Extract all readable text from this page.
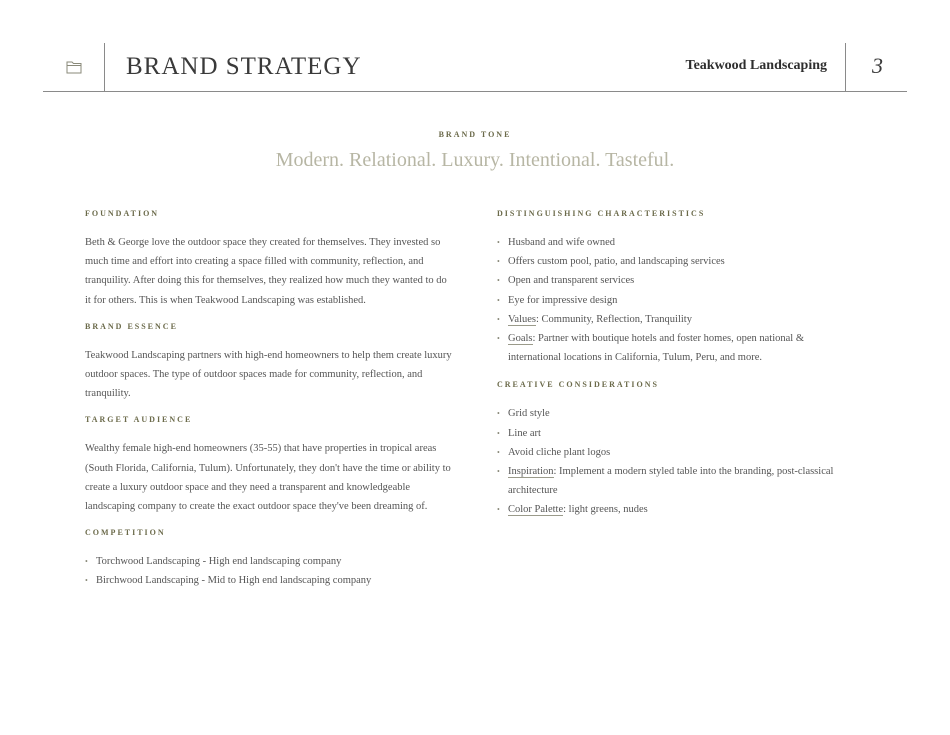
BRAND STRATEGY	Teakwood Landscaping 3
BRAND TONE
Modern. Relational. Luxury. Intentional. Tasteful.
FOUNDATION

Beth & George love the outdoor space they created for themselves. They invested so much time and effort into creating a space filled with community, reflection, and tranquility. After doing this for themselves, they realized how much they wanted to do it for others. This is when Teakwood Landscaping was established.

BRAND ESSENCE

Teakwood Landscaping partners with high-end homeowners to help them create luxury outdoor spaces. The type of outdoor spaces made for community, reflection, and tranquility.

TARGET AUDIENCE

Wealthy female high-end homeowners (35-55) that have properties in tropical areas (South Florida, California, Tulum). Unfortunately, they don't have the time or ability to create a luxury outdoor space and they need a transparent and knowledgeable landscaping company to create the exact outdoor space they've been dreaming of.

COMPETITION
• Torchwood Landscaping - High end landscaping company
• Birchwood Landscaping - Mid to High end landscaping company
DISTINGUISHING CHARACTERISTICS
• Husband and wife owned
• Offers custom pool, patio, and landscaping services
• Open and transparent services
• Eye for impressive design
• Values: Community, Reflection, Tranquility
• Goals: Partner with boutique hotels and foster homes, open national & international locations in California, Tulum, Peru, and more.
CREATIVE CONSIDERATIONS
• Grid style
• Line art
• Avoid cliche plant logos
• Inspiration: Implement a modern styled table into the branding, post-classical architecture
• Color Palette: light greens, nudes
